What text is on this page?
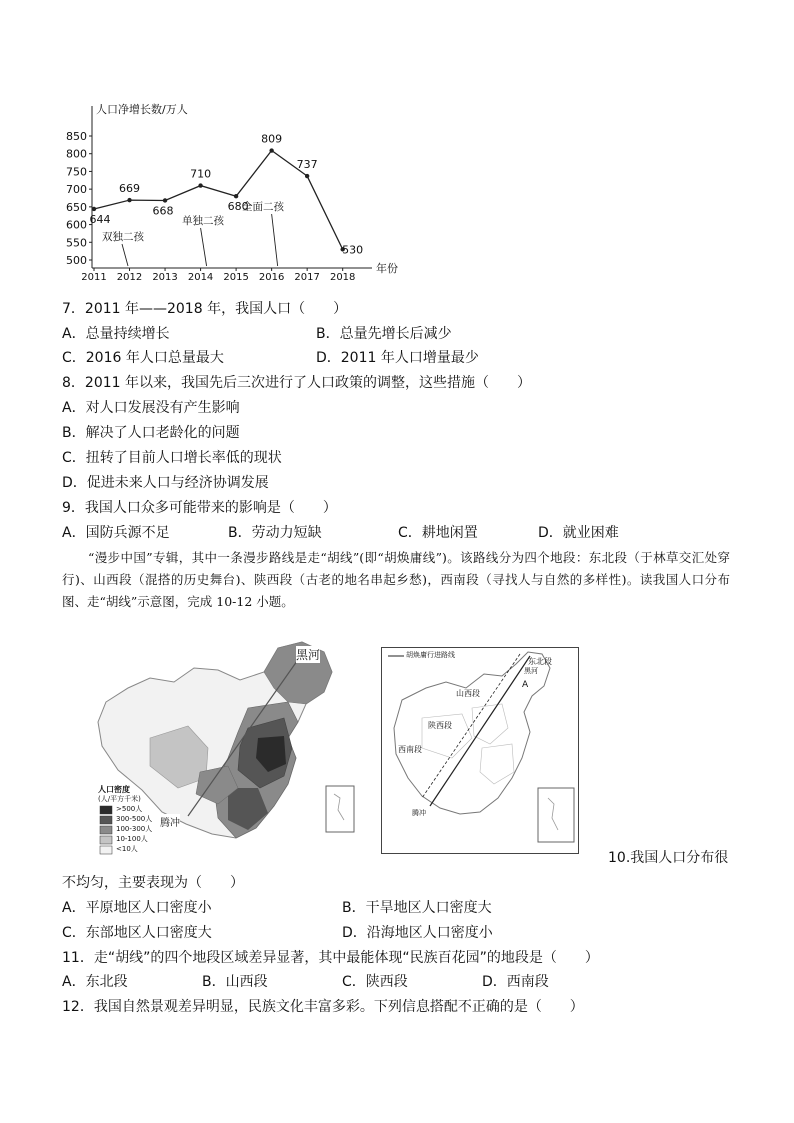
人口净增长数/万人
年份
850
800
750
700
650
600
550
500
2011 2012 2013 2014 2015 2016 2017 2018
644
669
668
710
680
809
737
530
双独二孩
单独二孩
全面二孩
7．2011 年——2018 年，我国人口（　　）
A．总量持续增长	B．总量先增长后减少
C．2016 年人口总量最大	D．2011 年人口增量最少
8．2011 年以来，我国先后三次进行了人口政策的调整，这些措施（　　）
A．对人口发展没有产生影响
B．解决了人口老龄化的问题
C．扭转了目前人口增长率低的现状
D．促进未来人口与经济协调发展
9．我国人口众多可能带来的影响是（　　）
A．国防兵源不足	B．劳动力短缺	C．耕地闲置	D．就业困难
“漫步中国”专辑，其中一条漫步路线是走“胡线”(即“胡焕庸线”)。该路线分为四个地段：东北段（于林草交汇处穿行)、山西段（混搭的历史舞台)、陕西段（古老的地名串起乡愁)，西南段（寻找人与自然的多样性)。读我国人口分布图、走“胡线”示意图，完成 10-12 小题。
黑河
腾冲
人口密度
(人/平方千米)
>500人
300-500人
100-300人
10-100人
<10人
胡焕庸行进路线
东北段
山西段
陕西段
西南段
A
黑河
腾冲
10.我国人口分布很
不均匀，主要表现为（　　）
A．平原地区人口密度小	B．干旱地区人口密度大
C．东部地区人口密度大	D．沿海地区人口密度小
11．走“胡线”的四个地段区域差异显著，其中最能体现“民族百花园”的地段是（　　）
A．东北段	B．山西段	C．陕西段	D．西南段
12．我国自然景观差异明显，民族文化丰富多彩。下列信息搭配不正确的是（　　）
